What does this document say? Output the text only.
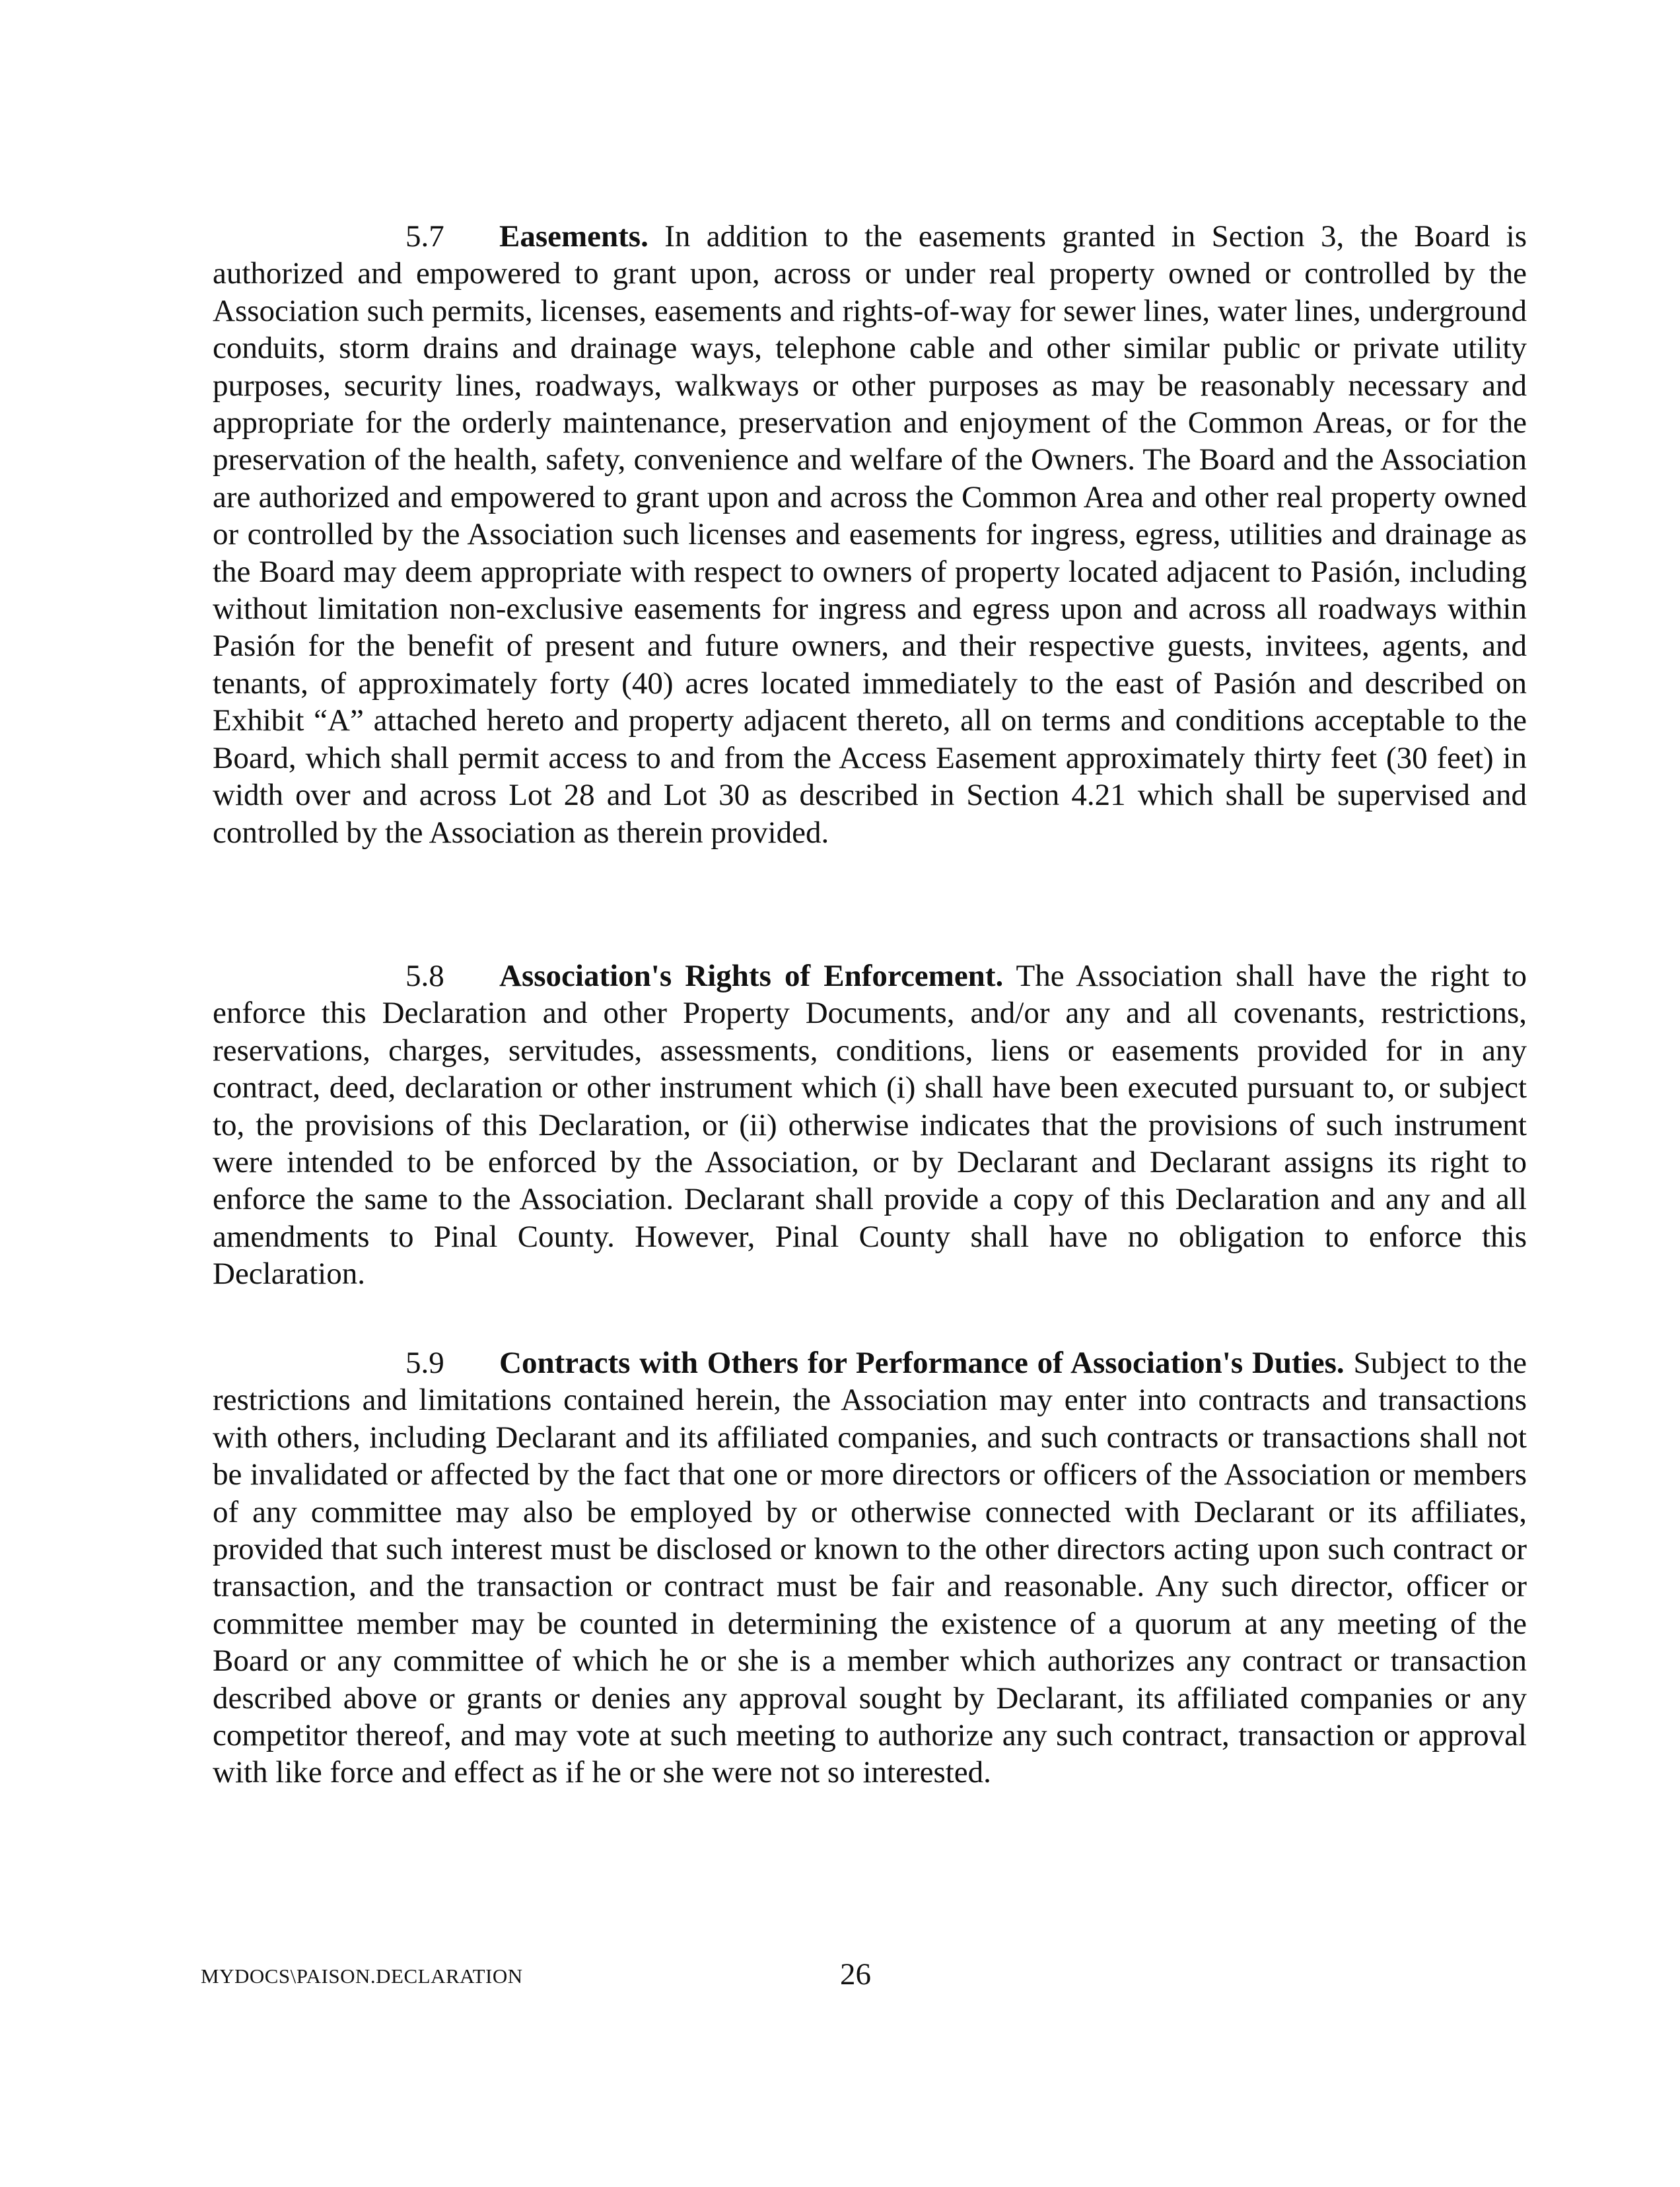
5.7 Easements. In addition to the easements granted in Section 3, the Board is authorized and empowered to grant upon, across or under real property owned or controlled by the Association such permits, licenses, easements and rights-of-way for sewer lines, water lines, underground conduits, storm drains and drainage ways, telephone cable and other similar public or private utility purposes, security lines, roadways, walkways or other purposes as may be reasonably necessary and appropriate for the orderly maintenance, preservation and enjoyment of the Common Areas, or for the preservation of the health, safety, convenience and welfare of the Owners. The Board and the Association are authorized and empowered to grant upon and across the Common Area and other real property owned or controlled by the Association such licenses and easements for ingress, egress, utilities and drainage as the Board may deem appropriate with respect to owners of property located adjacent to Pasión, including without limitation non-exclusive easements for ingress and egress upon and across all roadways within Pasión for the benefit of present and future owners, and their respective guests, invitees, agents, and tenants, of approximately forty (40) acres located immediately to the east of Pasión and described on Exhibit “A” attached hereto and property adjacent thereto, all on terms and conditions acceptable to the Board, which shall permit access to and from the Access Easement approximately thirty feet (30 feet) in width over and across Lot 28 and Lot 30 as described in Section 4.21 which shall be supervised and controlled by the Association as therein provided.

5.8 Association's Rights of Enforcement. The Association shall have the right to enforce this Declaration and other Property Documents, and/or any and all covenants, restrictions, reservations, charges, servitudes, assessments, conditions, liens or easements provided for in any contract, deed, declaration or other instrument which (i) shall have been executed pursuant to, or subject to, the provisions of this Declaration, or (ii) otherwise indicates that the provisions of such instrument were intended to be enforced by the Association, or by Declarant and Declarant assigns its right to enforce the same to the Association. Declarant shall provide a copy of this Declaration and any and all amendments to Pinal County. However, Pinal County shall have no obligation to enforce this Declaration.

5.9 Contracts with Others for Performance of Association's Duties. Subject to the restrictions and limitations contained herein, the Association may enter into contracts and transactions with others, including Declarant and its affiliated companies, and such contracts or transactions shall not be invalidated or affected by the fact that one or more directors or officers of the Association or members of any committee may also be employed by or otherwise connected with Declarant or its affiliates, provided that such interest must be disclosed or known to the other directors acting upon such contract or transaction, and the transaction or contract must be fair and reasonable. Any such director, officer or committee member may be counted in determining the existence of a quorum at any meeting of the Board or any committee of which he or she is a member which authorizes any contract or transaction described above or grants or denies any approval sought by Declarant, its affiliated companies or any competitor thereof, and may vote at such meeting to authorize any such contract, transaction or approval with like force and effect as if he or she were not so interested.

MYDOCS\PAISON.DECLARATION	26
